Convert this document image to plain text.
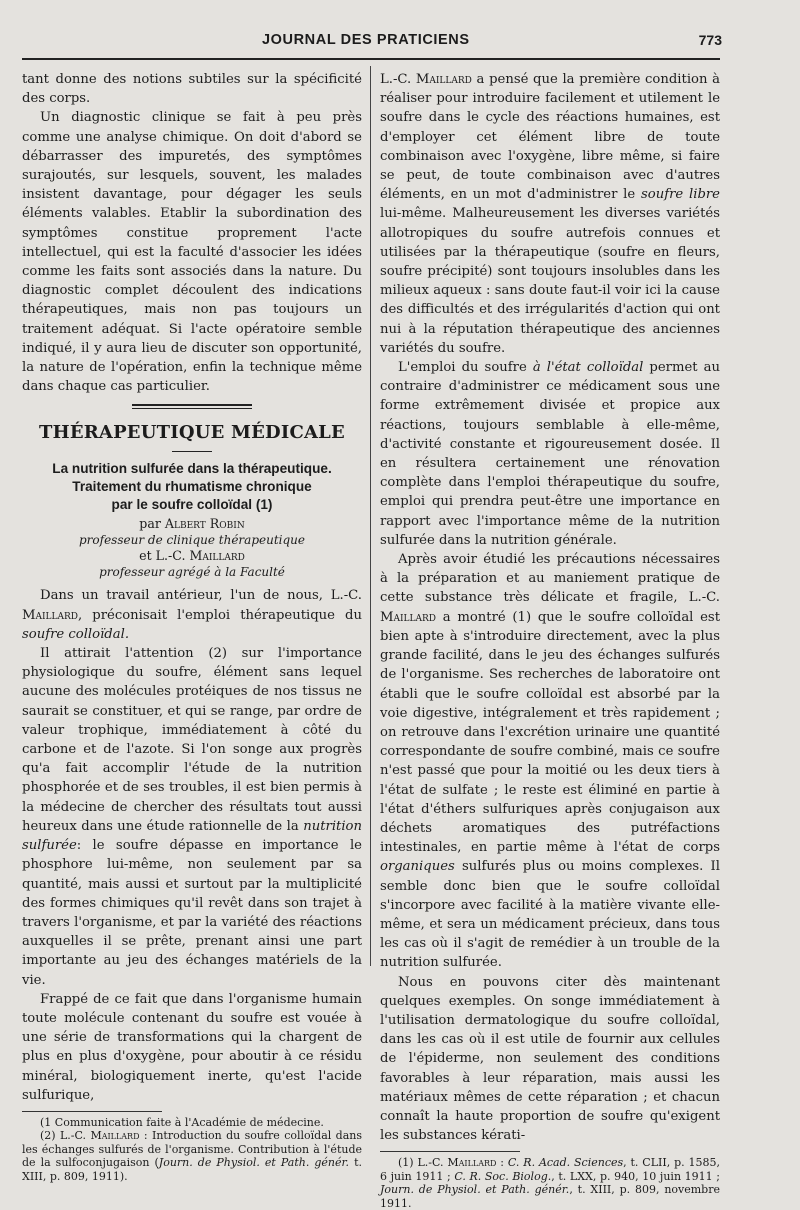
JOURNAL DES PRATICIENS	773

tant donne des notions subtiles sur la spécificité des corps.

Un diagnostic clinique se fait à peu près comme une analyse chimique. On doit d'abord se débarrasser des impuretés, des symptômes surajoutés, sur lesquels, souvent, les malades insistent davantage, pour dégager les seuls éléments valables. Etablir la subordination des symptômes constitue proprement l'acte intellectuel, qui est la faculté d'associer les idées comme les faits sont associés dans la nature. Du diagnostic complet découlent des indications thérapeutiques, mais non pas toujours un traitement adéquat. Si l'acte opératoire semble indiqué, il y aura lieu de discuter son opportunité, la nature de l'opération, enfin la technique même dans chaque cas particulier.

THÉRAPEUTIQUE MÉDICALE
La nutrition sulfurée dans la thérapeutique.
Traitement du rhumatisme chronique
par le soufre colloïdal (1)
par Albert Robin
professeur de clinique thérapeutique
et L.-C. Maillard
professeur agrégé à la Faculté

Dans un travail antérieur, l'un de nous, L.-C. Maillard, préconisait l'emploi thérapeutique du soufre colloïdal.

Il attirait l'attention (2) sur l'importance physiologique du soufre, élément sans lequel aucune des molécules protéiques de nos tissus ne saurait se constituer, et qui se range, par ordre de valeur trophique, immédiatement à côté du carbone et de l'azote. Si l'on songe aux progrès qu'a fait accomplir l'étude de la nutrition phosphorée et de ses troubles, il est bien permis à la médecine de chercher des résultats tout aussi heureux dans une étude rationnelle de la nutrition sulfurée: le soufre dépasse en importance le phosphore lui-même, non seulement par sa quantité, mais aussi et surtout par la multiplicité des formes chimiques qu'il revêt dans son trajet à travers l'organisme, et par la variété des réactions auxquelles il se prête, prenant ainsi une part importante au jeu des échanges matériels de la vie.

Frappé de ce fait que dans l'organisme humain toute molécule contenant du soufre est vouée à une série de transformations qui la chargent de plus en plus d'oxygène, pour aboutir à ce résidu minéral, biologiquement inerte, qu'est l'acide sulfurique,

(1 Communication faite à l'Académie de médecine.

(2) L.-C. Maillard : Introduction du soufre colloïdal dans les échanges sulfurés de l'organisme. Contribution à l'étude de la sulfoconjugaison (Journ. de Physiol. et Path. génér. t. XIII, p. 809, 1911).

L.-C. Maillard a pensé que la première condition à réaliser pour introduire facilement et utilement le soufre dans le cycle des réactions humaines, est d'employer cet élément libre de toute combinaison avec l'oxygène, libre même, si faire se peut, de toute combinaison avec d'autres éléments, en un mot d'administrer le soufre libre lui-même. Malheureusement les diverses variétés allotropiques du soufre autrefois connues et utilisées par la thérapeutique (soufre en fleurs, soufre précipité) sont toujours insolubles dans les milieux aqueux : sans doute faut-il voir ici la cause des difficultés et des irrégularités d'action qui ont nui à la réputation thérapeutique des anciennes variétés du soufre.

L'emploi du soufre à l'état colloïdal permet au contraire d'administrer ce médicament sous une forme extrêmement divisée et propice aux réactions, toujours semblable à elle-même, d'activité constante et rigoureusement dosée. Il en résultera certainement une rénovation complète dans l'emploi thérapeutique du soufre, emploi qui prendra peut-être une importance en rapport avec l'importance même de la nutrition sulfurée dans la nutrition générale.

Après avoir étudié les précautions nécessaires à la préparation et au maniement pratique de cette substance très délicate et fragile, L.-C. Maillard a montré (1) que le soufre colloïdal est bien apte à s'introduire directement, avec la plus grande facilité, dans le jeu des échanges sulfurés de l'organisme. Ses recherches de laboratoire ont établi que le soufre colloïdal est absorbé par la voie digestive, intégralement et très rapidement ; on retrouve dans l'excrétion urinaire une quantité correspondante de soufre combiné, mais ce soufre n'est passé que pour la moitié ou les deux tiers à l'état de sulfate ; le reste est éliminé en partie à l'état d'éthers sulfuriques après conjugaison aux déchets aromatiques des putréfactions intestinales, en partie même à l'état de corps organiques sulfurés plus ou moins complexes. Il semble donc bien que le soufre colloïdal s'incorpore avec facilité à la matière vivante elle-même, et sera un médicament précieux, dans tous les cas où il s'agit de remédier à un trouble de la nutrition sulfurée.

Nous en pouvons citer dès maintenant quelques exemples. On songe immédiatement à l'utilisation dermatologique du soufre colloïdal, dans les cas où il est utile de fournir aux cellules de l'épiderme, non seulement des conditions favorables à leur réparation, mais aussi les matériaux mêmes de cette réparation ; et chacun connaît la haute proportion de soufre qu'exigent les substances kérati-

(1) L.-C. Maillard : C. R. Acad. Sciences, t. CLII, p. 1585, 6 juin 1911 ; C. R. Soc. Biolog., t. LXX, p. 940, 10 juin 1911 ; Journ. de Physiol. et Path. génér., t. XIII, p. 809, novembre 1911.
